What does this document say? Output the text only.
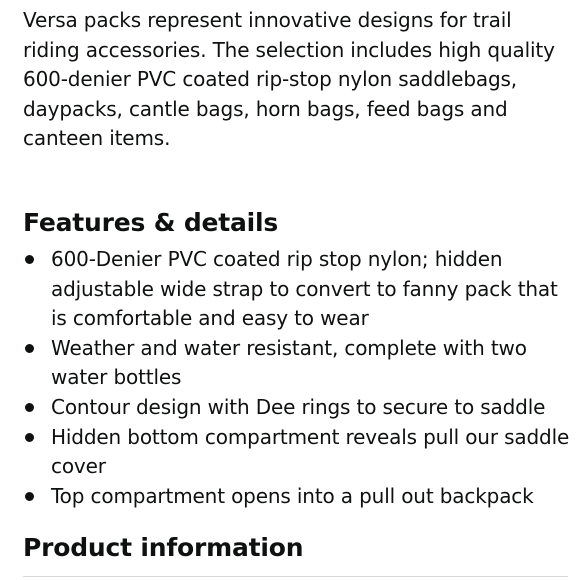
Versa packs represent innovative designs for trail riding accessories. The selection includes high quality 600-denier PVC coated rip-stop nylon saddlebags, daypacks, cantle bags, horn bags, feed bags and canteen items.

Features & details
600-Denier PVC coated rip stop nylon; hidden adjustable wide strap to convert to fanny pack that is comfortable and easy to wear
Weather and water resistant, complete with two water bottles
Contour design with Dee rings to secure to saddle
Hidden bottom compartment reveals pull our saddle cover
Top compartment opens into a pull out backpack
Product information
